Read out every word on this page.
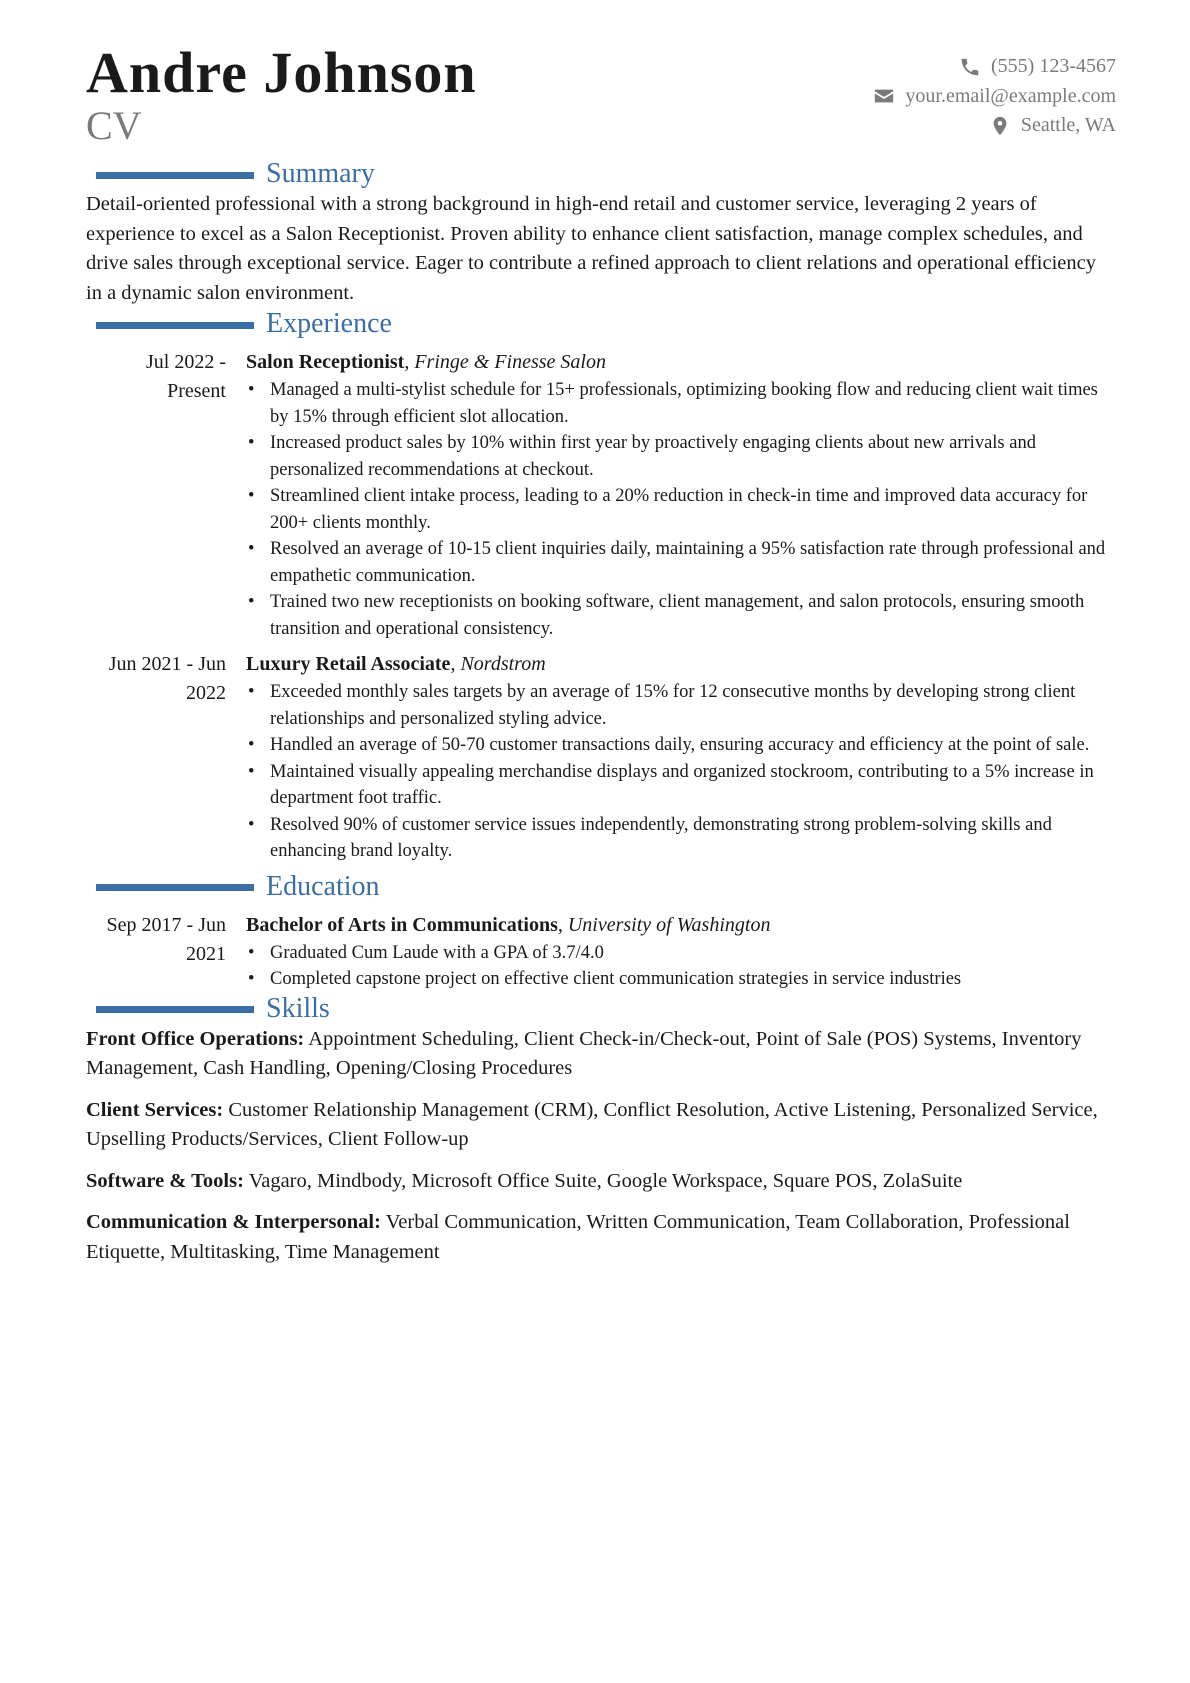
Andre Johnson
CV
(555) 123-4567
your.email@example.com
Seattle, WA
Summary

Detail-oriented professional with a strong background in high-end retail and customer service, leveraging 2 years of experience to excel as a Salon Receptionist. Proven ability to enhance client satisfaction, manage complex schedules, and drive sales through exceptional service. Eager to contribute a refined approach to client relations and operational efficiency in a dynamic salon environment.

Experience
Jul 2022 - Present
Salon Receptionist, Fringe & Finesse Salon
• Managed a multi-stylist schedule for 15+ professionals, optimizing booking flow and reducing client wait times by 15% through efficient slot allocation.
• Increased product sales by 10% within first year by proactively engaging clients about new arrivals and personalized recommendations at checkout.
• Streamlined client intake process, leading to a 20% reduction in check-in time and improved data accuracy for 200+ clients monthly.
• Resolved an average of 10-15 client inquiries daily, maintaining a 95% satisfaction rate through professional and empathetic communication.
• Trained two new receptionists on booking software, client management, and salon protocols, ensuring smooth transition and operational consistency.
Jun 2021 - Jun 2022
Luxury Retail Associate, Nordstrom
• Exceeded monthly sales targets by an average of 15% for 12 consecutive months by developing strong client relationships and personalized styling advice.
• Handled an average of 50-70 customer transactions daily, ensuring accuracy and efficiency at the point of sale.
• Maintained visually appealing merchandise displays and organized stockroom, contributing to a 5% increase in department foot traffic.
• Resolved 90% of customer service issues independently, demonstrating strong problem-solving skills and enhancing brand loyalty.
Education
Sep 2017 - Jun 2021
Bachelor of Arts in Communications, University of Washington
• Graduated Cum Laude with a GPA of 3.7/4.0
• Completed capstone project on effective client communication strategies in service industries
Skills

Front Office Operations: Appointment Scheduling, Client Check-in/Check-out, Point of Sale (POS) Systems, Inventory Management, Cash Handling, Opening/Closing Procedures

Client Services: Customer Relationship Management (CRM), Conflict Resolution, Active Listening, Personalized Service, Upselling Products/Services, Client Follow-up

Software & Tools: Vagaro, Mindbody, Microsoft Office Suite, Google Workspace, Square POS, ZolaSuite

Communication & Interpersonal: Verbal Communication, Written Communication, Team Collaboration, Professional Etiquette, Multitasking, Time Management
